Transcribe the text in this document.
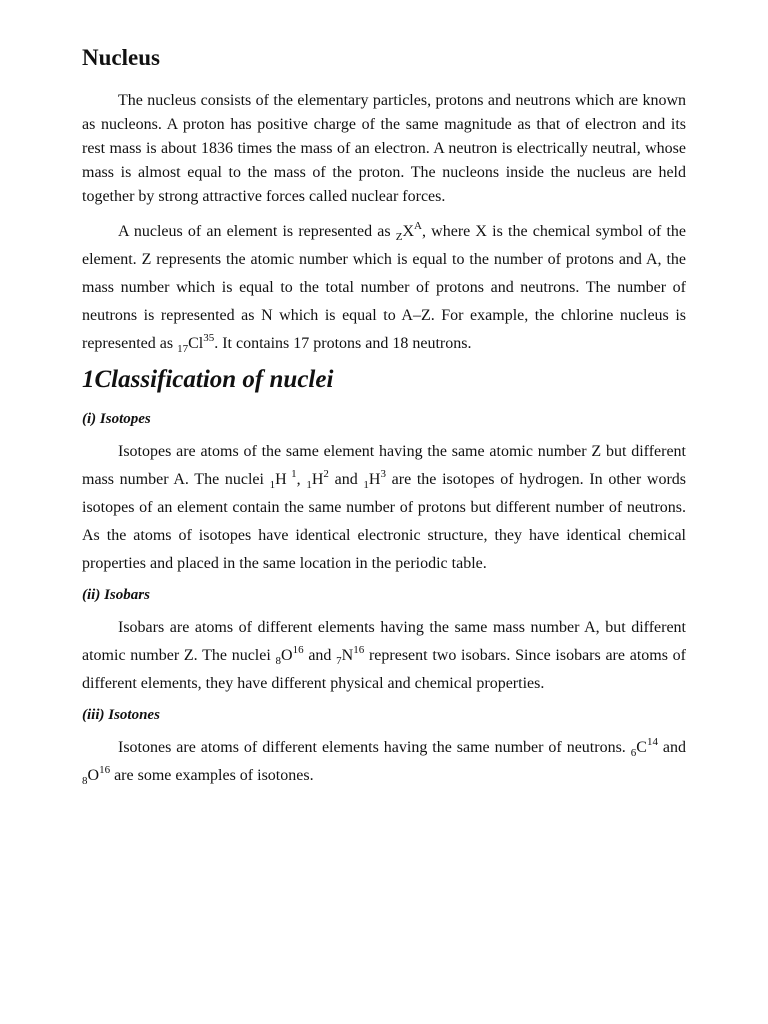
Nucleus

The nucleus consists of the elementary particles, protons and neutrons which are known as nucleons. A proton has positive charge of the same magnitude as that of electron and its rest mass is about 1836 times the mass of an electron. A neutron is electrically neutral, whose mass is almost equal to the mass of the proton. The nucleons inside the nucleus are held together by strong attractive forces called nuclear forces.

A nucleus of an element is represented as $_ZX^A$, where X is the chemical symbol of the element. Z represents the atomic number which is equal to the number of protons and A, the mass number which is equal to the total number of protons and neutrons. The number of neutrons is represented as N which is equal to A–Z. For example, the chlorine nucleus is represented as $_{17}Cl^{35}$. It contains 17 protons and 18 neutrons.

1Classification of nuclei
(i) Isotopes

Isotopes are atoms of the same element having the same atomic number Z but different mass number A. The nuclei $_1$H $^1$, $_1H^2$ and $_1H^3$ are the isotopes of hydrogen. In other words isotopes of an element contain the same number of protons but different number of neutrons. As the atoms of isotopes have identical electronic structure, they have identical chemical properties and placed in the same location in the periodic table.

(ii) Isobars

Isobars are atoms of different elements having the same mass number A, but different atomic number Z. The nuclei $_8O^{16}$ and $_7N^{16}$ represent two isobars. Since isobars are atoms of different elements, they have different physical and chemical properties.

(iii) Isotones

Isotones are atoms of different elements having the same number of neutrons. $_6C^{14}$ and $_8O^{16}$ are some examples of isotones.
